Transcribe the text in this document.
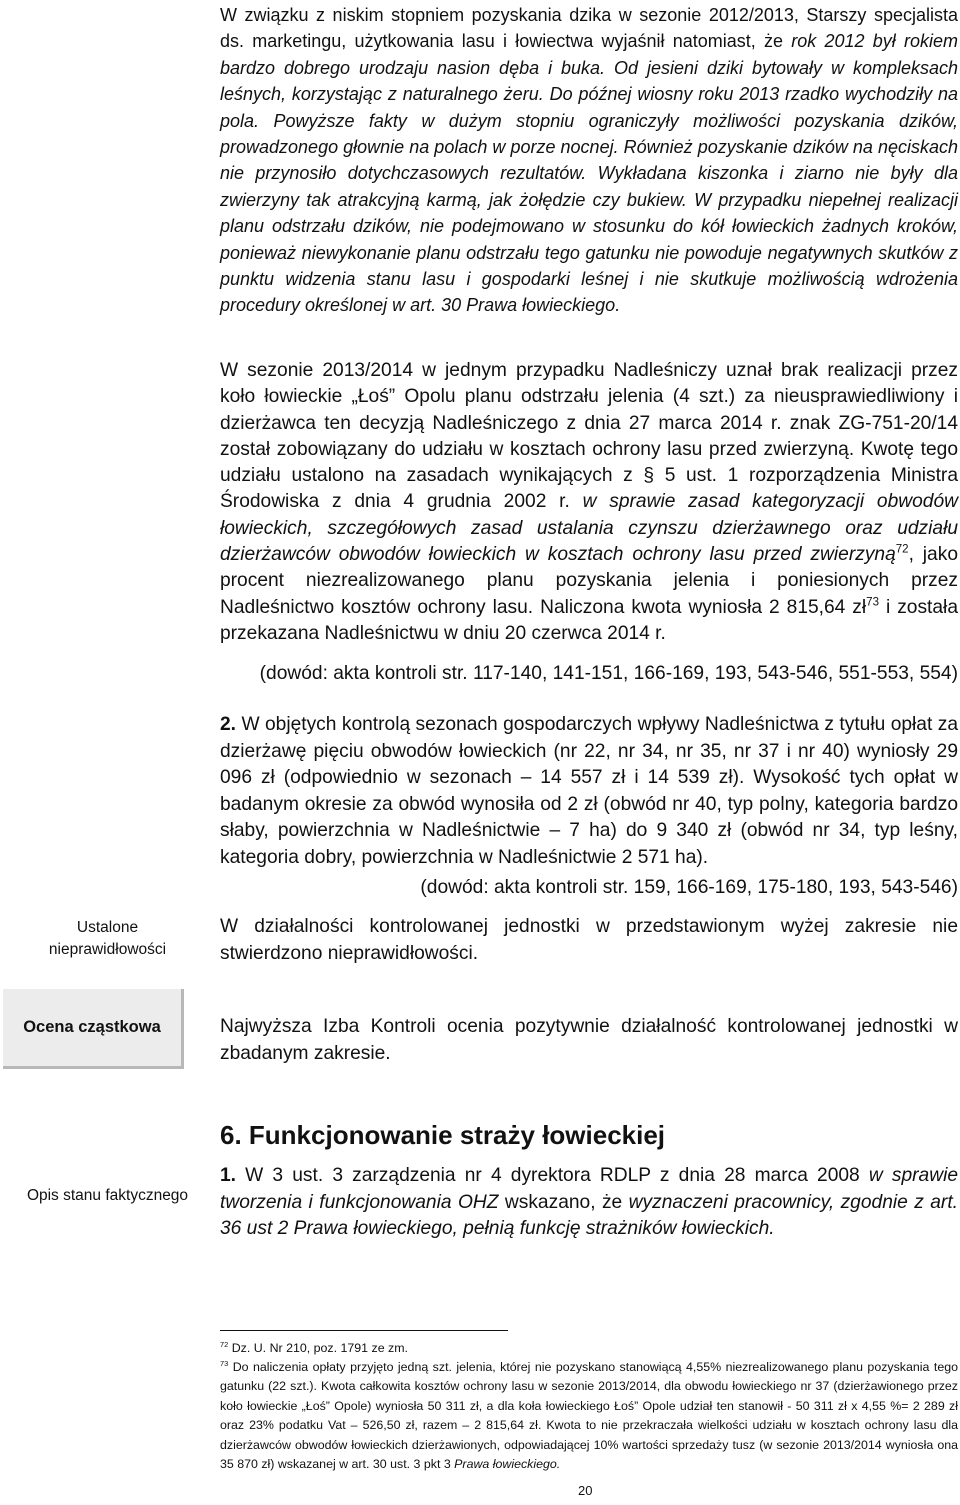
W związku z niskim stopniem pozyskania dzika w sezonie 2012/2013, Starszy specjalista ds. marketingu, użytkowania lasu i łowiectwa wyjaśnił natomiast, że rok 2012 był rokiem bardzo dobrego urodzaju nasion dęba i buka. Od jesieni dziki bytowały w kompleksach leśnych, korzystając z naturalnego żeru. Do późnej wiosny roku 2013 rzadko wychodziły na pola. Powyższe fakty w dużym stopniu ograniczyły możliwości pozyskania dzików, prowadzonego głownie na polach w porze nocnej. Również pozyskanie dzików na nęciskach nie przynosiło dotychczasowych rezultatów. Wykładana kiszonka i ziarno nie były dla zwierzyny tak atrakcyjną karmą, jak żołędzie czy bukiew. W przypadku niepełnej realizacji planu odstrzału dzików, nie podejmowano w stosunku do kół łowieckich żadnych kroków, ponieważ niewykonanie planu odstrzału tego gatunku nie powoduje negatywnych skutków z punktu widzenia stanu lasu i gospodarki leśnej i nie skutkuje możliwością wdrożenia procedury określonej w art. 30 Prawa łowieckiego.
W sezonie 2013/2014 w jednym przypadku Nadleśniczy uznał brak realizacji przez koło łowieckie „Łoś” Opolu planu odstrzału jelenia (4 szt.) za nieusprawiedliwiony i dzierżawca ten decyzją Nadleśniczego z dnia 27 marca 2014 r. znak ZG-751-20/14 został zobowiązany do udziału w kosztach ochrony lasu przed zwierzyną. Kwotę tego udziału ustalono na zasadach wynikających z § 5 ust. 1 rozporządzenia Ministra Środowiska z dnia 4 grudnia 2002 r. w sprawie zasad kategoryzacji obwodów łowieckich, szczegółowych zasad ustalania czynszu dzierżawnego oraz udziału dzierżawców obwodów łowieckich w kosztach ochrony lasu przed zwierzyną$^{72}$, jako procent niezrealizowanego planu pozyskania jelenia i poniesionych przez Nadleśnictwo kosztów ochrony lasu. Naliczona kwota wyniosła 2 815,64 $zł^{73}$ i została przekazana Nadleśnictwu w dniu 20 czerwca 2014 r.
(dowód: akta kontroli str. 117-140, 141-151, 166-169, 193, 543-546, 551-553, 554)
2. W objętych kontrolą sezonach gospodarczych wpływy Nadleśnictwa z tytułu opłat za dzierżawę pięciu obwodów łowieckich (nr 22, nr 34, nr 35, nr 37 i nr 40) wyniosły 29 096 zł (odpowiednio w sezonach – 14 557 zł i 14 539 zł). Wysokość tych opłat w badanym okresie za obwód wynosiła od 2 zł (obwód nr 40, typ polny, kategoria bardzo słaby, powierzchnia w Nadleśnictwie – 7 ha) do 9 340 zł (obwód nr 34, typ leśny, kategoria dobry, powierzchnia w Nadleśnictwie 2 571 ha).
(dowód: akta kontroli str. 159, 166-169, 175-180, 193, 543-546)
Ustalone nieprawidłowości
W działalności kontrolowanej jednostki w przedstawionym wyżej zakresie nie stwierdzono nieprawidłowości.
Ocena cząstkowa	Najwyższa Izba Kontroli ocenia pozytywnie działalność kontrolowanej jednostki w zbadanym zakresie.
6. Funkcjonowanie straży łowieckiej
Opis stanu faktycznego
1. W 3 ust. 3 zarządzenia nr 4 dyrektora RDLP z dnia 28 marca 2008 w sprawie tworzenia i funkcjonowania OHZ wskazano, że wyznaczeni pracownicy, zgodnie z art. 36 ust 2 Prawa łowieckiego, pełnią funkcję strażników łowieckich.
$^{72}$ Dz. U. Nr 210, poz. 1791 ze zm.
$^{73}$ Do naliczenia opłaty przyjęto jedną szt. jelenia, której nie pozyskano stanowiącą 4,55% niezrealizowanego planu pozyskania tego gatunku (22 szt.). Kwota całkowita kosztów ochrony lasu w sezonie 2013/2014, dla obwodu łowieckiego nr 37 (dzierżawionego przez koło łowieckie „Łoś” Opole) wyniosła 50 311 zł, a dla koła łowieckiego Łoś” Opole udział ten stanowił - 50 311 zł x 4,55 %= 2 289 zł oraz 23% podatku Vat – 526,50 zł, razem – 2 815,64 zł. Kwota to nie przekraczała wielkości udziału w kosztach ochrony lasu dla dzierżawców obwodów łowieckich dzierżawionych, odpowiadającej 10% wartości sprzedaży tusz (w sezonie 2013/2014 wyniosła ona 35 870 zł) wskazanej w art. 30 ust. 3 pkt 3 Prawa łowieckiego.
20
